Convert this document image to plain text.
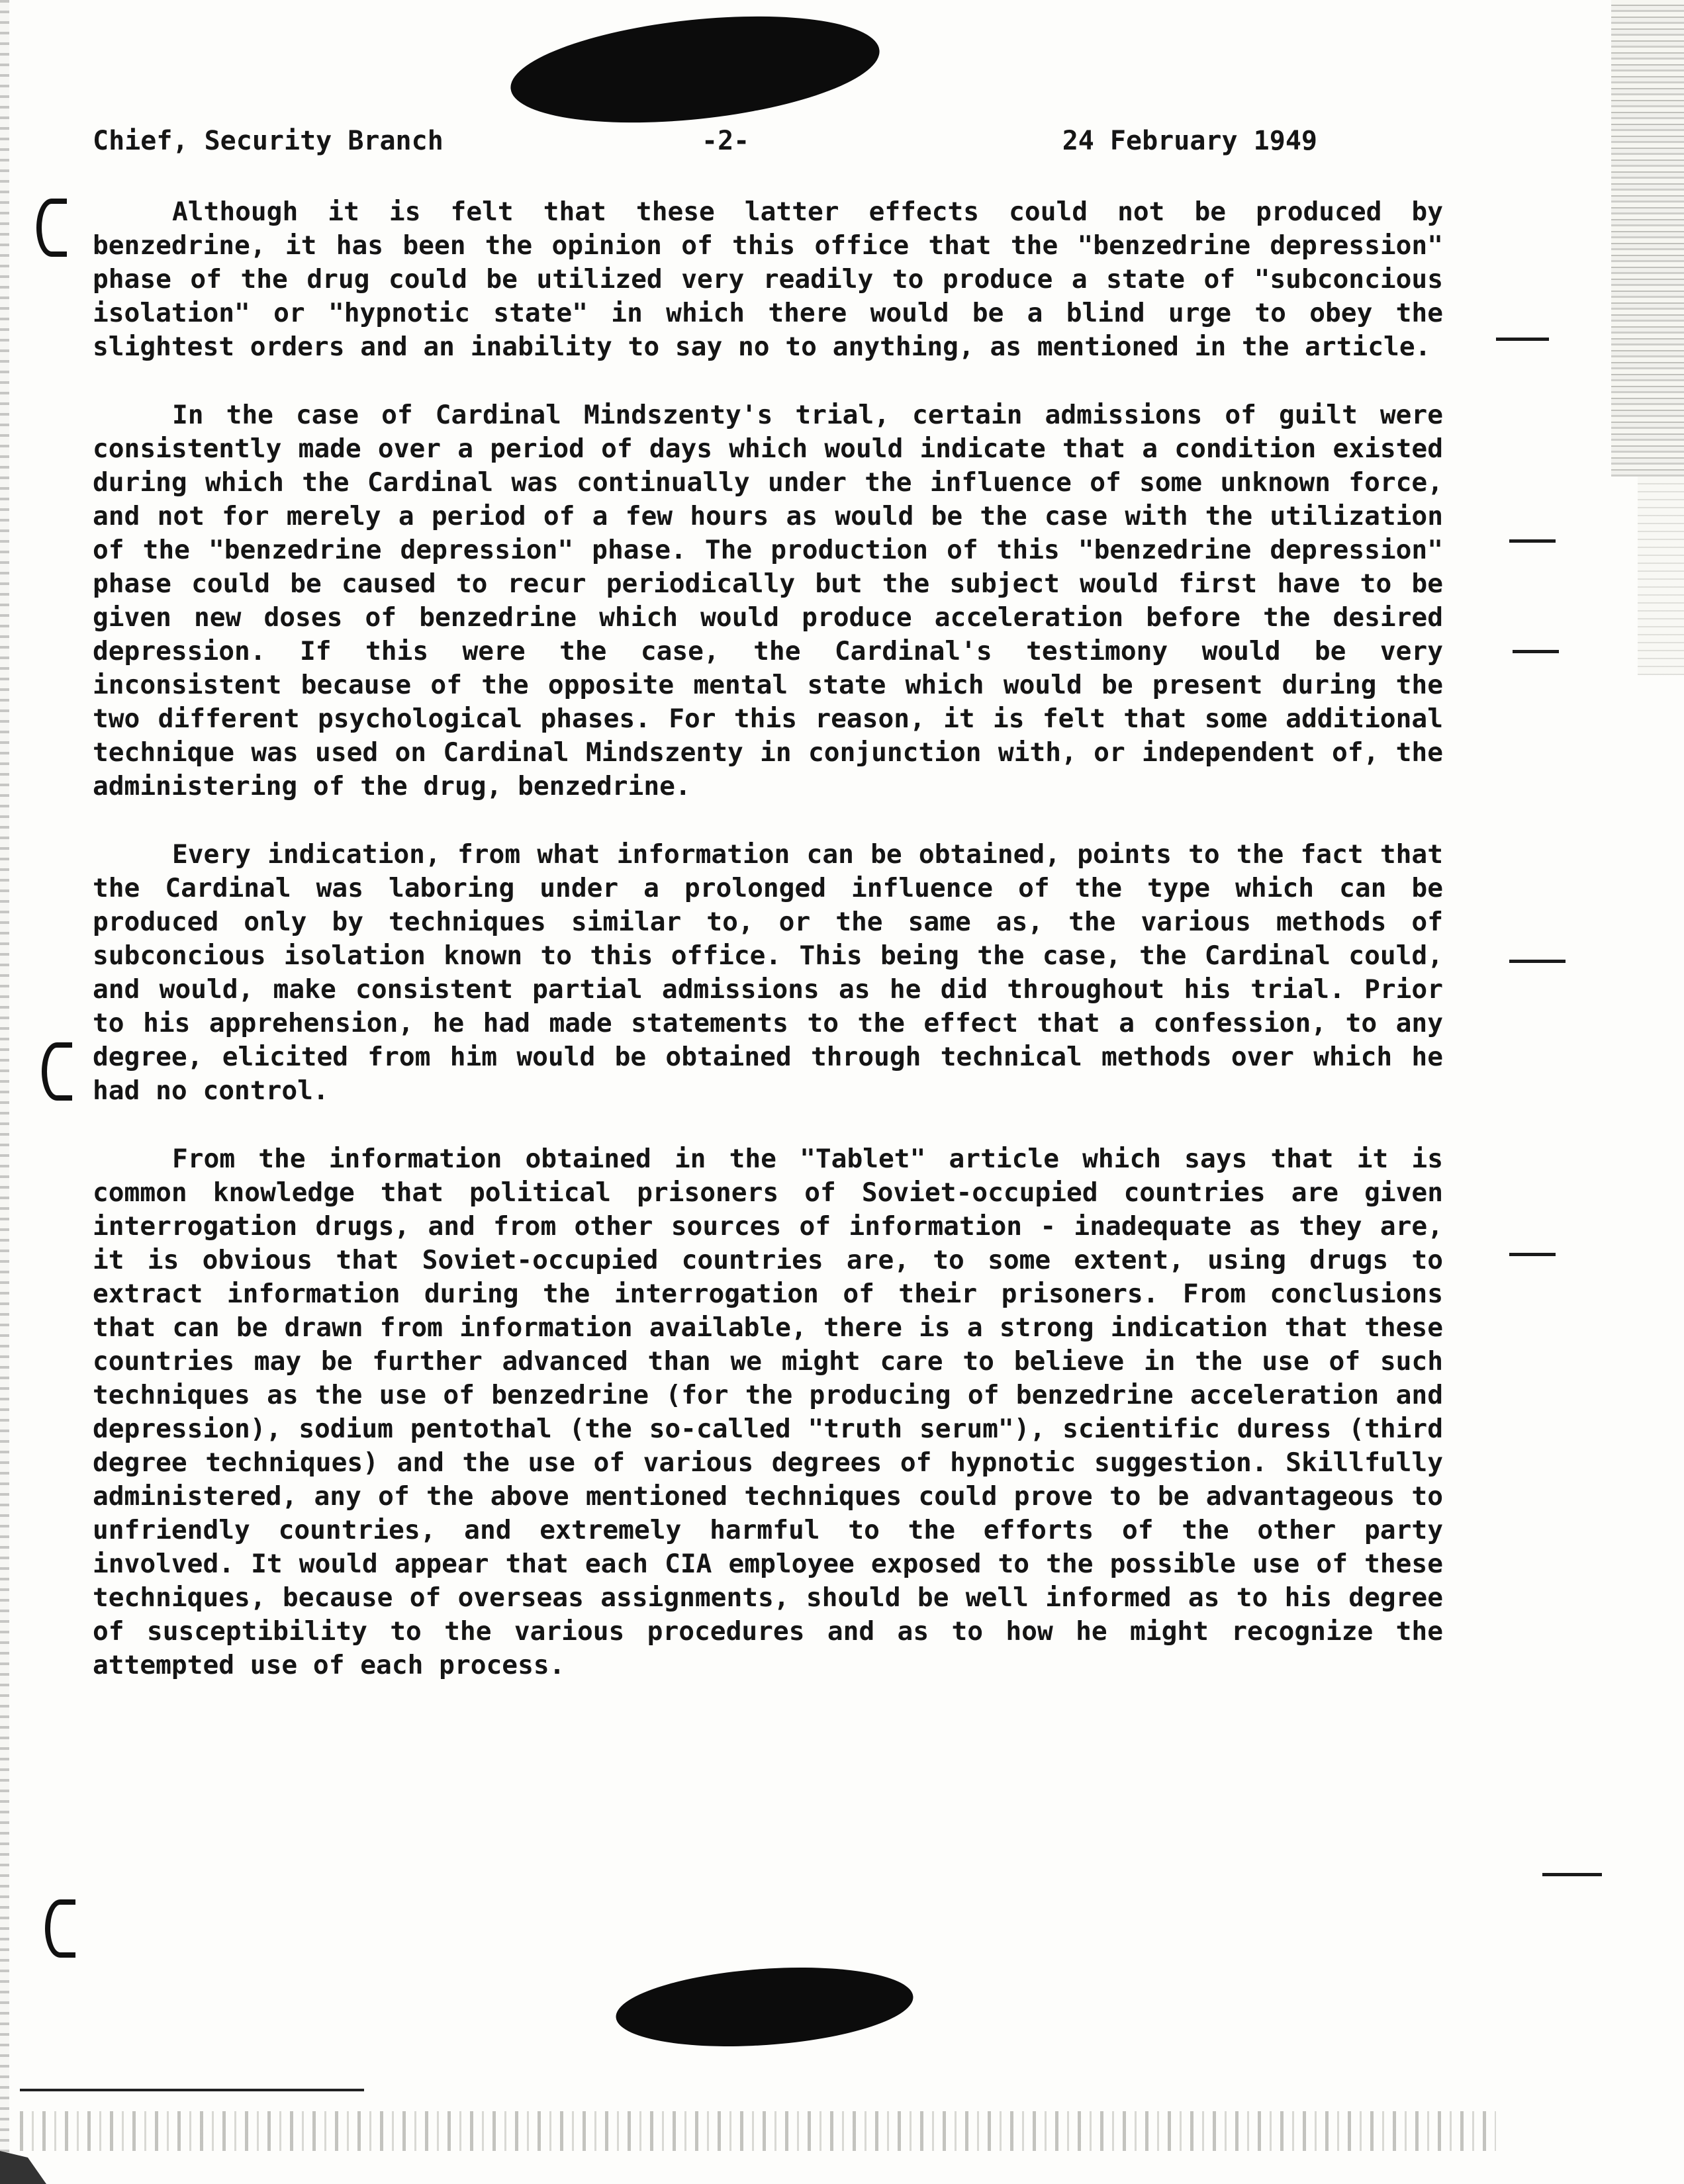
Chief, Security Branch	-2-	24 February 1949

Although it is felt that these latter effects could not be produced by benzedrine, it has been the opinion of this office that the "benzedrine depression" phase of the drug could be utilized very readily to produce a state of "subconcious isolation" or "hypnotic state" in which there would be a blind urge to obey the slightest orders and an inability to say no to anything, as mentioned in the article.

In the case of Cardinal Mindszenty's trial, certain admissions of guilt were consistently made over a period of days which would indicate that a condition existed during which the Cardinal was continually under the influence of some unknown force, and not for merely a period of a few hours as would be the case with the utilization of the "benzedrine depression" phase. The production of this "benzedrine depression" phase could be caused to recur periodically but the subject would first have to be given new doses of benzedrine which would produce acceleration before the desired depression. If this were the case, the Cardinal's testimony would be very inconsistent because of the opposite mental state which would be present during the two different psychological phases. For this reason, it is felt that some additional technique was used on Cardinal Mindszenty in conjunction with, or independent of, the administering of the drug, benzedrine.

Every indication, from what information can be obtained, points to the fact that the Cardinal was laboring under a prolonged influence of the type which can be produced only by techniques similar to, or the same as, the various methods of subconcious isolation known to this office. This being the case, the Cardinal could, and would, make consistent partial admissions as he did throughout his trial. Prior to his apprehension, he had made statements to the effect that a confession, to any degree, elicited from him would be obtained through technical methods over which he had no control.

From the information obtained in the "Tablet" article which says that it is common knowledge that political prisoners of Soviet-occupied countries are given interrogation drugs, and from other sources of information - inadequate as they are, it is obvious that Soviet-occupied countries are, to some extent, using drugs to extract information during the interrogation of their prisoners. From conclusions that can be drawn from information available, there is a strong indication that these countries may be further advanced than we might care to believe in the use of such techniques as the use of benzedrine (for the producing of benzedrine acceleration and depression), sodium pentothal (the so-called "truth serum"), scientific duress (third degree techniques) and the use of various degrees of hypnotic suggestion. Skillfully administered, any of the above mentioned techniques could prove to be advantageous to unfriendly countries, and extremely harmful to the efforts of the other party involved. It would appear that each CIA employee exposed to the possible use of these techniques, because of overseas assignments, should be well informed as to his degree of susceptibility to the various procedures and as to how he might recognize the attempted use of each process.
